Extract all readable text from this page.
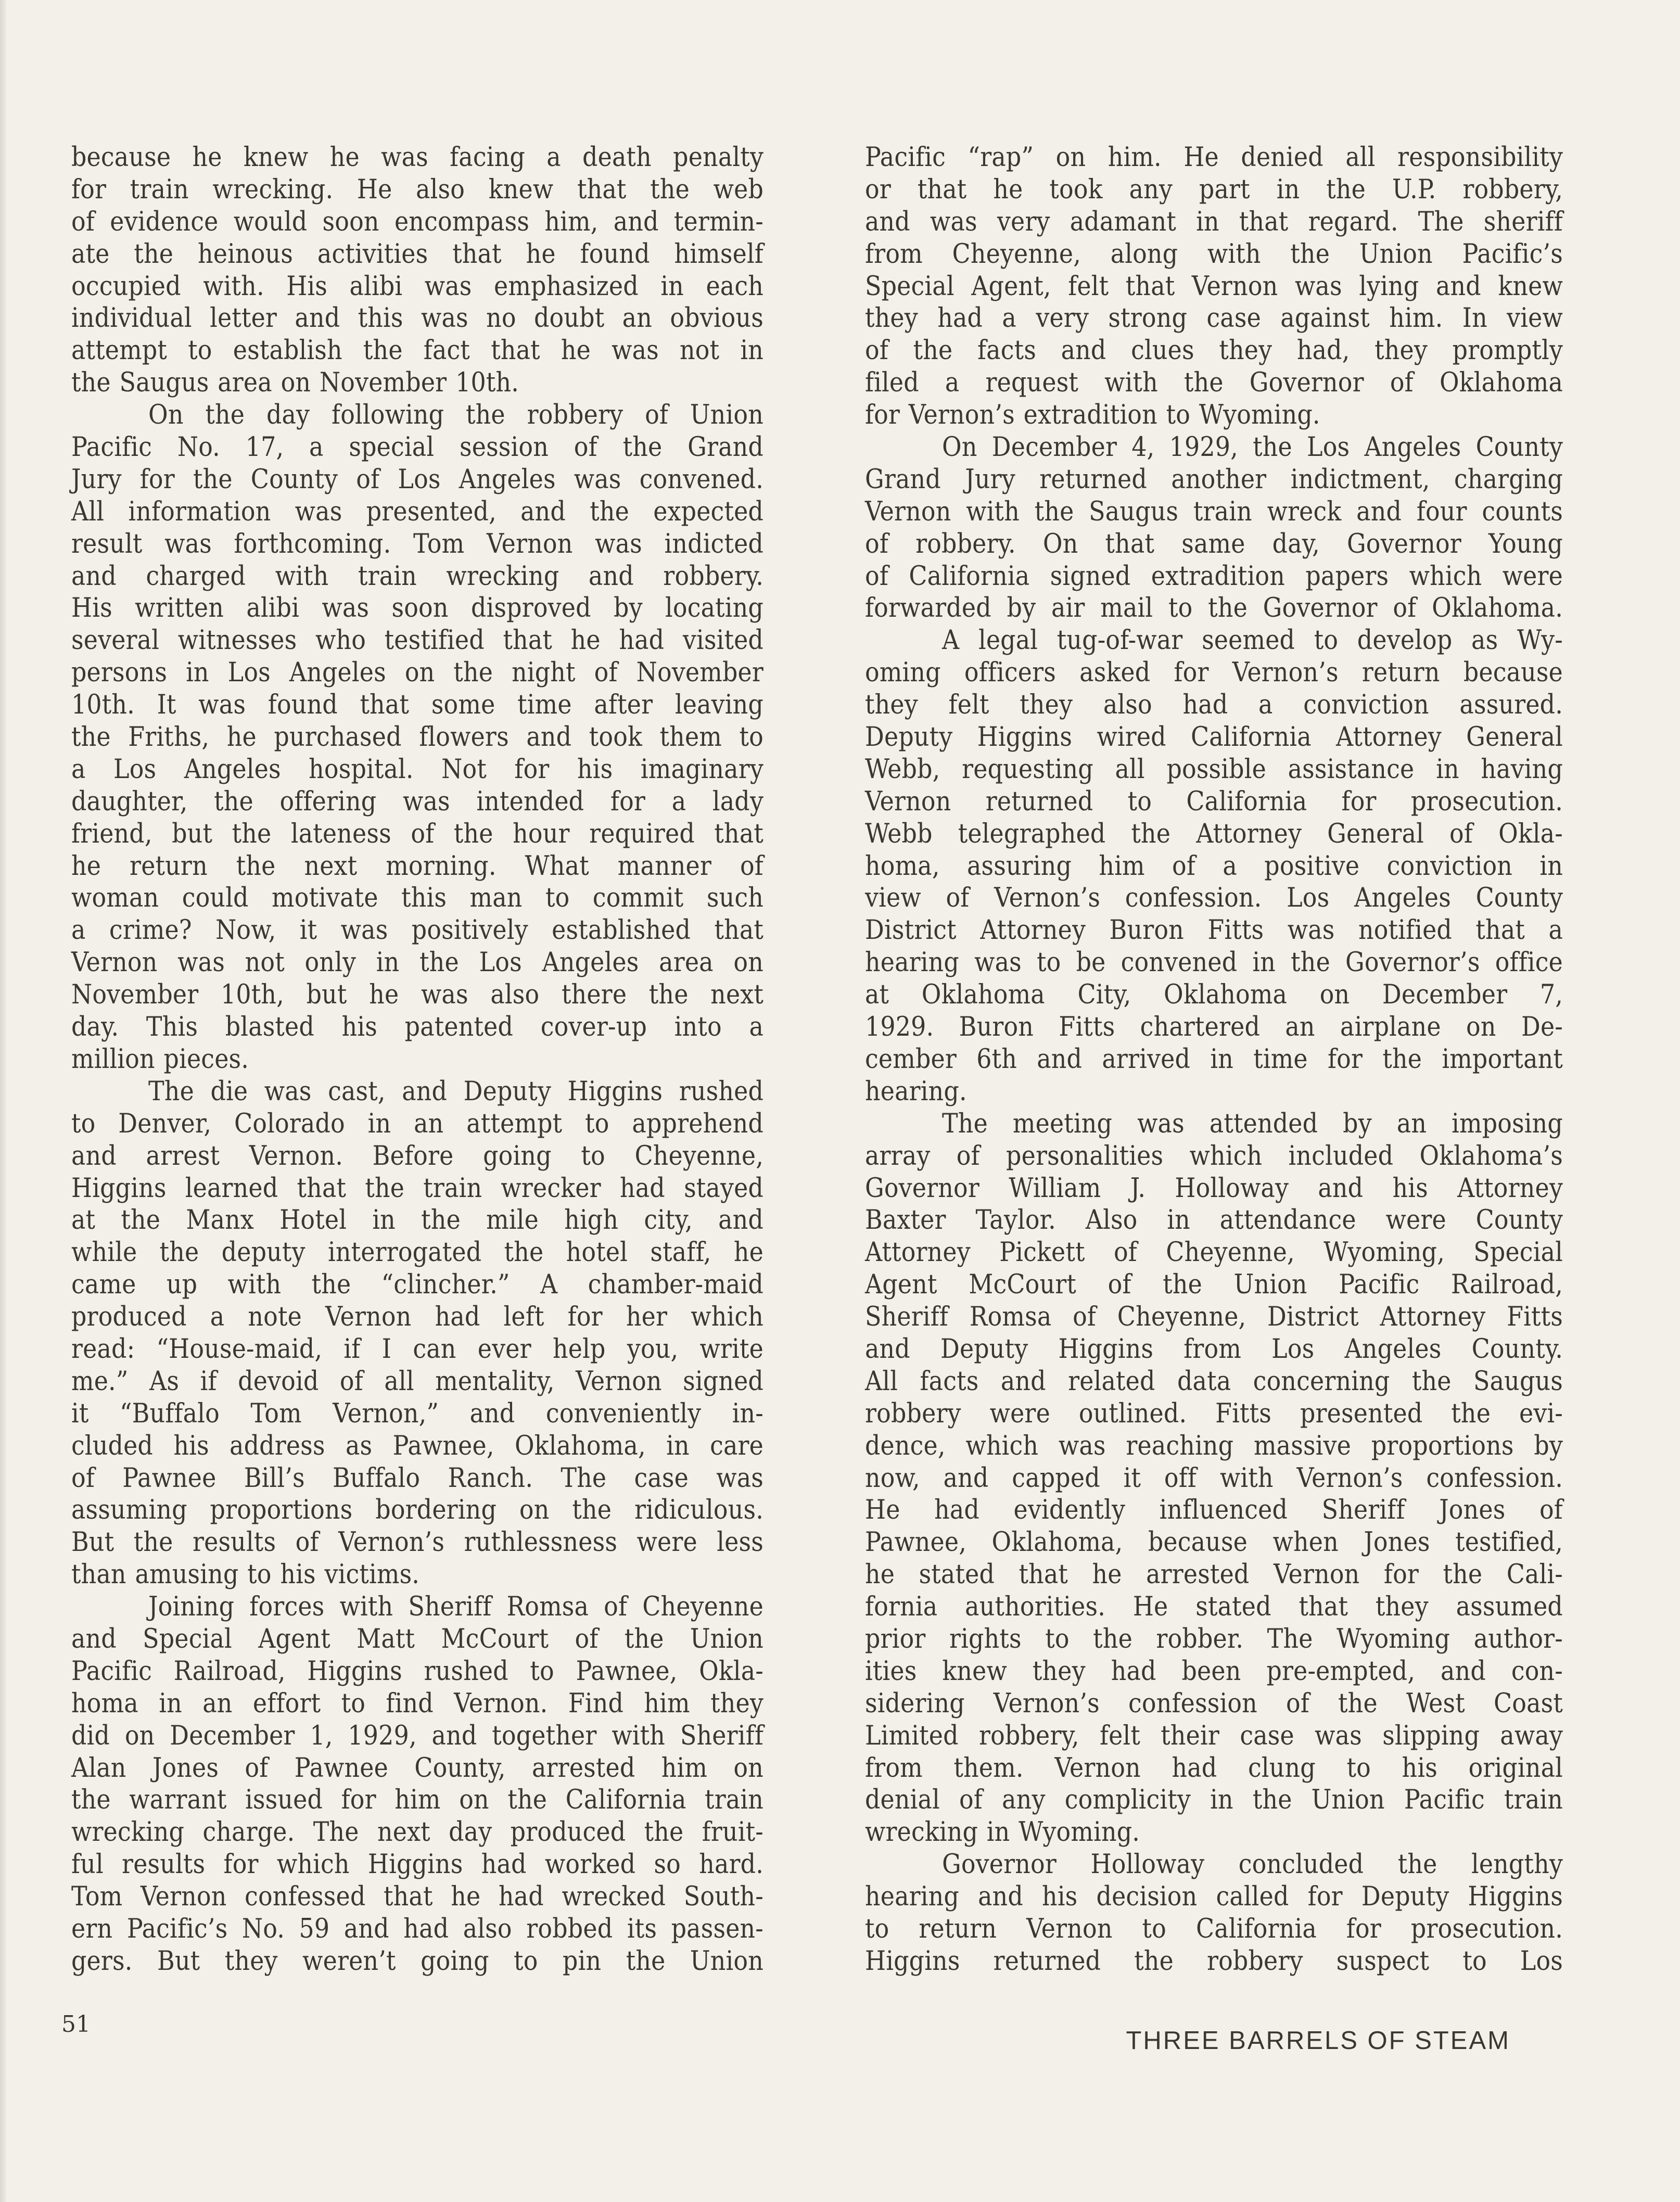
because he knew he was facing a death penalty
for train wrecking. He also knew that the web
of evidence would soon encompass him, and termin-
ate the heinous activities that he found himself
occupied with. His alibi was emphasized in each
individual letter and this was no doubt an obvious
attempt to establish the fact that he was not in
the Saugus area on November 10th.
On the day following the robbery of Union
Pacific No. 17, a special session of the Grand
Jury for the County of Los Angeles was convened.
All information was presented, and the expected
result was forthcoming. Tom Vernon was indicted
and charged with train wrecking and robbery.
His written alibi was soon disproved by locating
several witnesses who testified that he had visited
persons in Los Angeles on the night of November
10th. It was found that some time after leaving
the Friths, he purchased flowers and took them to
a Los Angeles hospital. Not for his imaginary
daughter, the offering was intended for a lady
friend, but the lateness of the hour required that
he return the next morning. What manner of
woman could motivate this man to commit such
a crime? Now, it was positively established that
Vernon was not only in the Los Angeles area on
November 10th, but he was also there the next
day. This blasted his patented cover-up into a
million pieces.
The die was cast, and Deputy Higgins rushed
to Denver, Colorado in an attempt to apprehend
and arrest Vernon. Before going to Cheyenne,
Higgins learned that the train wrecker had stayed
at the Manx Hotel in the mile high city, and
while the deputy interrogated the hotel staff, he
came up with the “clincher.” A chamber-maid
produced a note Vernon had left for her which
read: “House-maid, if I can ever help you, write
me.” As if devoid of all mentality, Vernon signed
it “Buffalo Tom Vernon,” and conveniently in-
cluded his address as Pawnee, Oklahoma, in care
of Pawnee Bill’s Buffalo Ranch. The case was
assuming proportions bordering on the ridiculous.
But the results of Vernon’s ruthlessness were less
than amusing to his victims.
Joining forces with Sheriff Romsa of Cheyenne
and Special Agent Matt McCourt of the Union
Pacific Railroad, Higgins rushed to Pawnee, Okla-
homa in an effort to find Vernon. Find him they
did on December 1, 1929, and together with Sheriff
Alan Jones of Pawnee County, arrested him on
the warrant issued for him on the California train
wrecking charge. The next day produced the fruit-
ful results for which Higgins had worked so hard.
Tom Vernon confessed that he had wrecked South-
ern Pacific’s No. 59 and had also robbed its passen-
gers. But they weren’t going to pin the Union
Pacific “rap” on him. He denied all responsibility
or that he took any part in the U.P. robbery,
and was very adamant in that regard. The sheriff
from Cheyenne, along with the Union Pacific’s
Special Agent, felt that Vernon was lying and knew
they had a very strong case against him. In view
of the facts and clues they had, they promptly
filed a request with the Governor of Oklahoma
for Vernon’s extradition to Wyoming.
On December 4, 1929, the Los Angeles County
Grand Jury returned another indictment, charging
Vernon with the Saugus train wreck and four counts
of robbery. On that same day, Governor Young
of California signed extradition papers which were
forwarded by air mail to the Governor of Oklahoma.
A legal tug-of-war seemed to develop as Wy-
oming officers asked for Vernon’s return because
they felt they also had a conviction assured.
Deputy Higgins wired California Attorney General
Webb, requesting all possible assistance in having
Vernon returned to California for prosecution.
Webb telegraphed the Attorney General of Okla-
homa, assuring him of a positive conviction in
view of Vernon’s confession. Los Angeles County
District Attorney Buron Fitts was notified that a
hearing was to be convened in the Governor’s office
at Oklahoma City, Oklahoma on December 7,
1929. Buron Fitts chartered an airplane on De-
cember 6th and arrived in time for the important
hearing.
The meeting was attended by an imposing
array of personalities which included Oklahoma’s
Governor William J. Holloway and his Attorney
Baxter Taylor. Also in attendance were County
Attorney Pickett of Cheyenne, Wyoming, Special
Agent McCourt of the Union Pacific Railroad,
Sheriff Romsa of Cheyenne, District Attorney Fitts
and Deputy Higgins from Los Angeles County.
All facts and related data concerning the Saugus
robbery were outlined. Fitts presented the evi-
dence, which was reaching massive proportions by
now, and capped it off with Vernon’s confession.
He had evidently influenced Sheriff Jones of
Pawnee, Oklahoma, because when Jones testified,
he stated that he arrested Vernon for the Cali-
fornia authorities. He stated that they assumed
prior rights to the robber. The Wyoming author-
ities knew they had been pre-empted, and con-
sidering Vernon’s confession of the West Coast
Limited robbery, felt their case was slipping away
from them. Vernon had clung to his original
denial of any complicity in the Union Pacific train
wrecking in Wyoming.
Governor Holloway concluded the lengthy
hearing and his decision called for Deputy Higgins
to return Vernon to California for prosecution.
Higgins returned the robbery suspect to Los
51
THREE BARRELS OF STEAM
